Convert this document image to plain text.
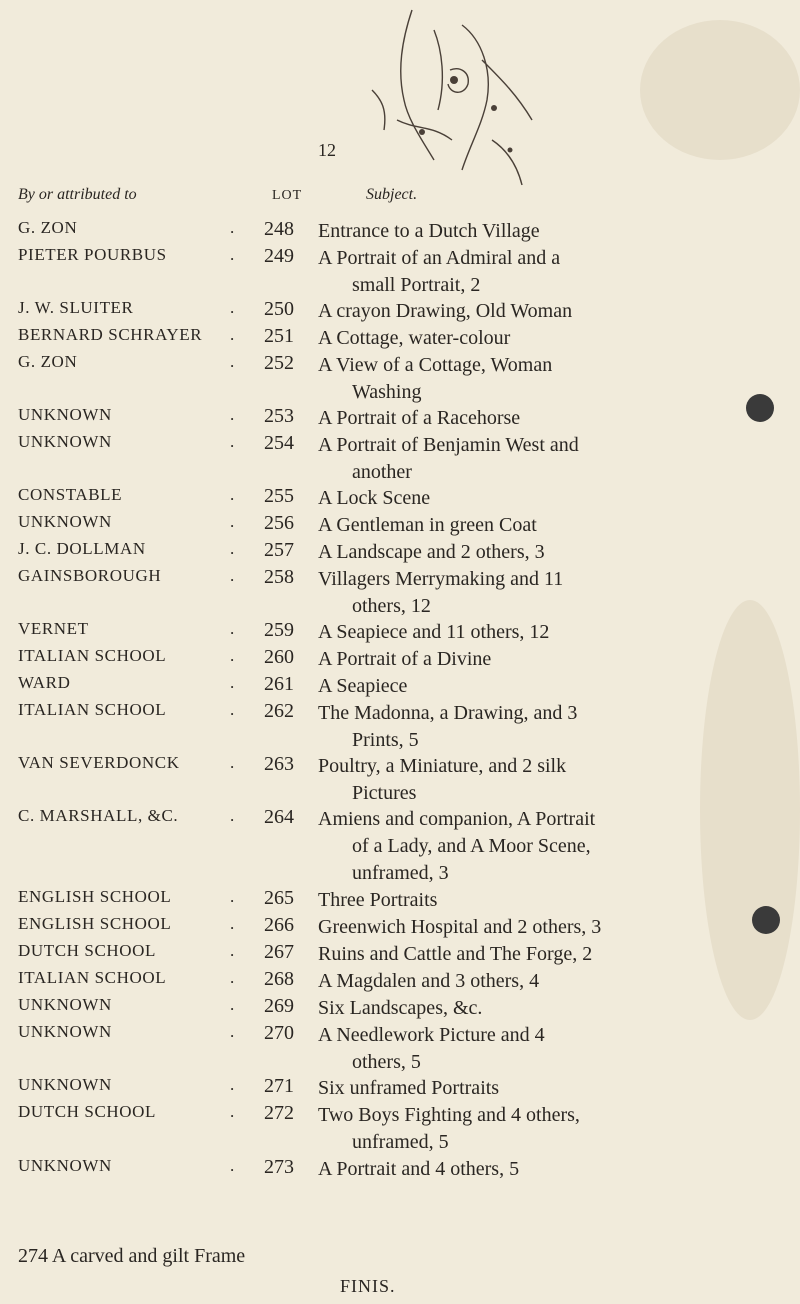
12
By or attributed to	LOT	Subject.
G. ZON	. 248 Entrance to a Dutch Village
PIETER POURBUS	. 249 A Portrait of an Admiral and a
small Portrait, 2
J. W. SLUITER	. 250 A crayon Drawing, Old Woman
BERNARD SCHRAYER . 251 A Cottage, water-colour
G. ZON	. 252 A View of a Cottage, Woman
Washing
UNKNOWN	. 253 A Portrait of a Racehorse
UNKNOWN	. 254 A Portrait of Benjamin West and
another
CONSTABLE	. 255 A Lock Scene
UNKNOWN	. 256 A Gentleman in green Coat
J. C. DOLLMAN	. 257 A Landscape and 2 others, 3
GAINSBOROUGH	. 258 Villagers Merrymaking and 11
others, 12
VERNET	. 259 A Seapiece and 11 others, 12
ITALIAN SCHOOL	. 260 A Portrait of a Divine
WARD	. 261 A Seapiece
ITALIAN SCHOOL	. 262 The Madonna, a Drawing, and 3
Prints, 5
VAN SEVERDONCK	. 263 Poultry, a Miniature, and 2 silk
Pictures
C. MARSHALL, &C.	. 264 Amiens and companion, A Portrait
of a Lady, and A Moor Scene,
unframed, 3
ENGLISH SCHOOL	. 265 Three Portraits
ENGLISH SCHOOL	. 266 Greenwich Hospital and 2 others, 3
DUTCH SCHOOL	. 267 Ruins and Cattle and The Forge, 2
ITALIAN SCHOOL	. 268 A Magdalen and 3 others, 4
UNKNOWN	. 269 Six Landscapes, &c.
UNKNOWN	. 270 A Needlework Picture and 4
others, 5
UNKNOWN	. 271 Six unframed Portraits
DUTCH SCHOOL	. 272 Two Boys Fighting and 4 others,
unframed, 5
UNKNOWN	. 273 A Portrait and 4 others, 5
274 A carved and gilt Frame
FINIS.
